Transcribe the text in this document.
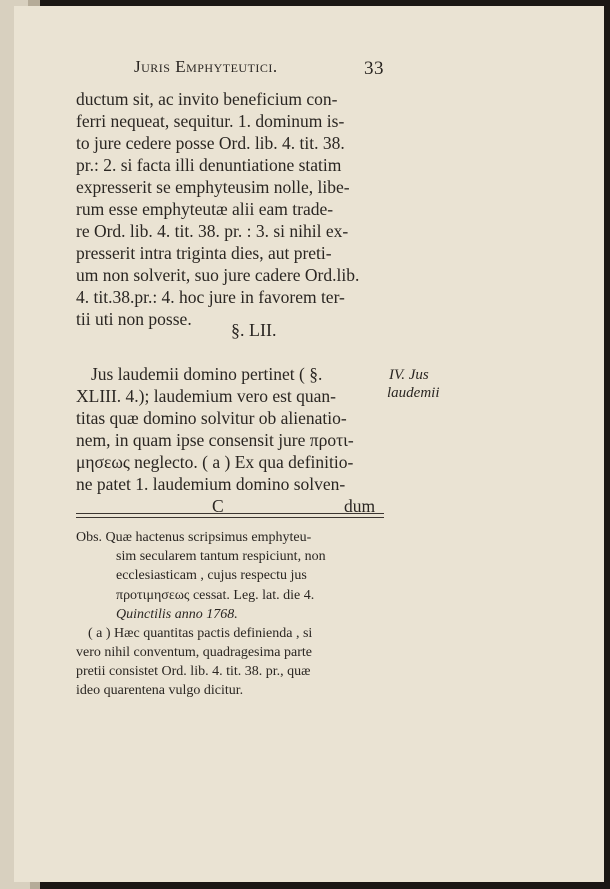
Juris Emphyteutici.	33
ductum sit, ac invito beneficium con-
ferri nequeat, sequitur. 1. dominum is-
to jure cedere posse Ord. lib. 4. tit. 38.
pr.: 2. si facta illi denuntiatione statim
expresserit se emphyteusim nolle, libe-
rum esse emphyteutæ alii eam trade-
re Ord. lib. 4. tit. 38. pr. : 3. si nihil ex-
presserit intra triginta dies, aut preti-
um non solverit, suo jure cadere Ord.lib.
4. tit.38.pr.: 4. hoc jure in favorem ter-
tii uti non posse.
§. LII.
Jus laudemii domino pertinet ( §.
XLIII. 4.); laudemium vero est quan-
titas quæ domino solvitur ob alienatio-
nem, in quam ipse consensit jure προτι-
μησεως neglecto. ( a ) Ex qua definitio-
ne patet 1. laudemium domino solven-
C	dum
IV. Jus
laudemii
Obs. Quæ hactenus scripsimus emphyteu-
sim secularem tantum respiciunt, non
ecclesiasticam , cujus respectu jus
προτιμησεως cessat. Leg. lat. die 4.
Quinctilis anno 1768.
( a ) Hæc quantitas pactis definienda , si
vero nihil conventum, quadragesima parte
pretii consistet Ord. lib. 4. tit. 38. pr., quæ
ideo quarentena vulgo dicitur.
